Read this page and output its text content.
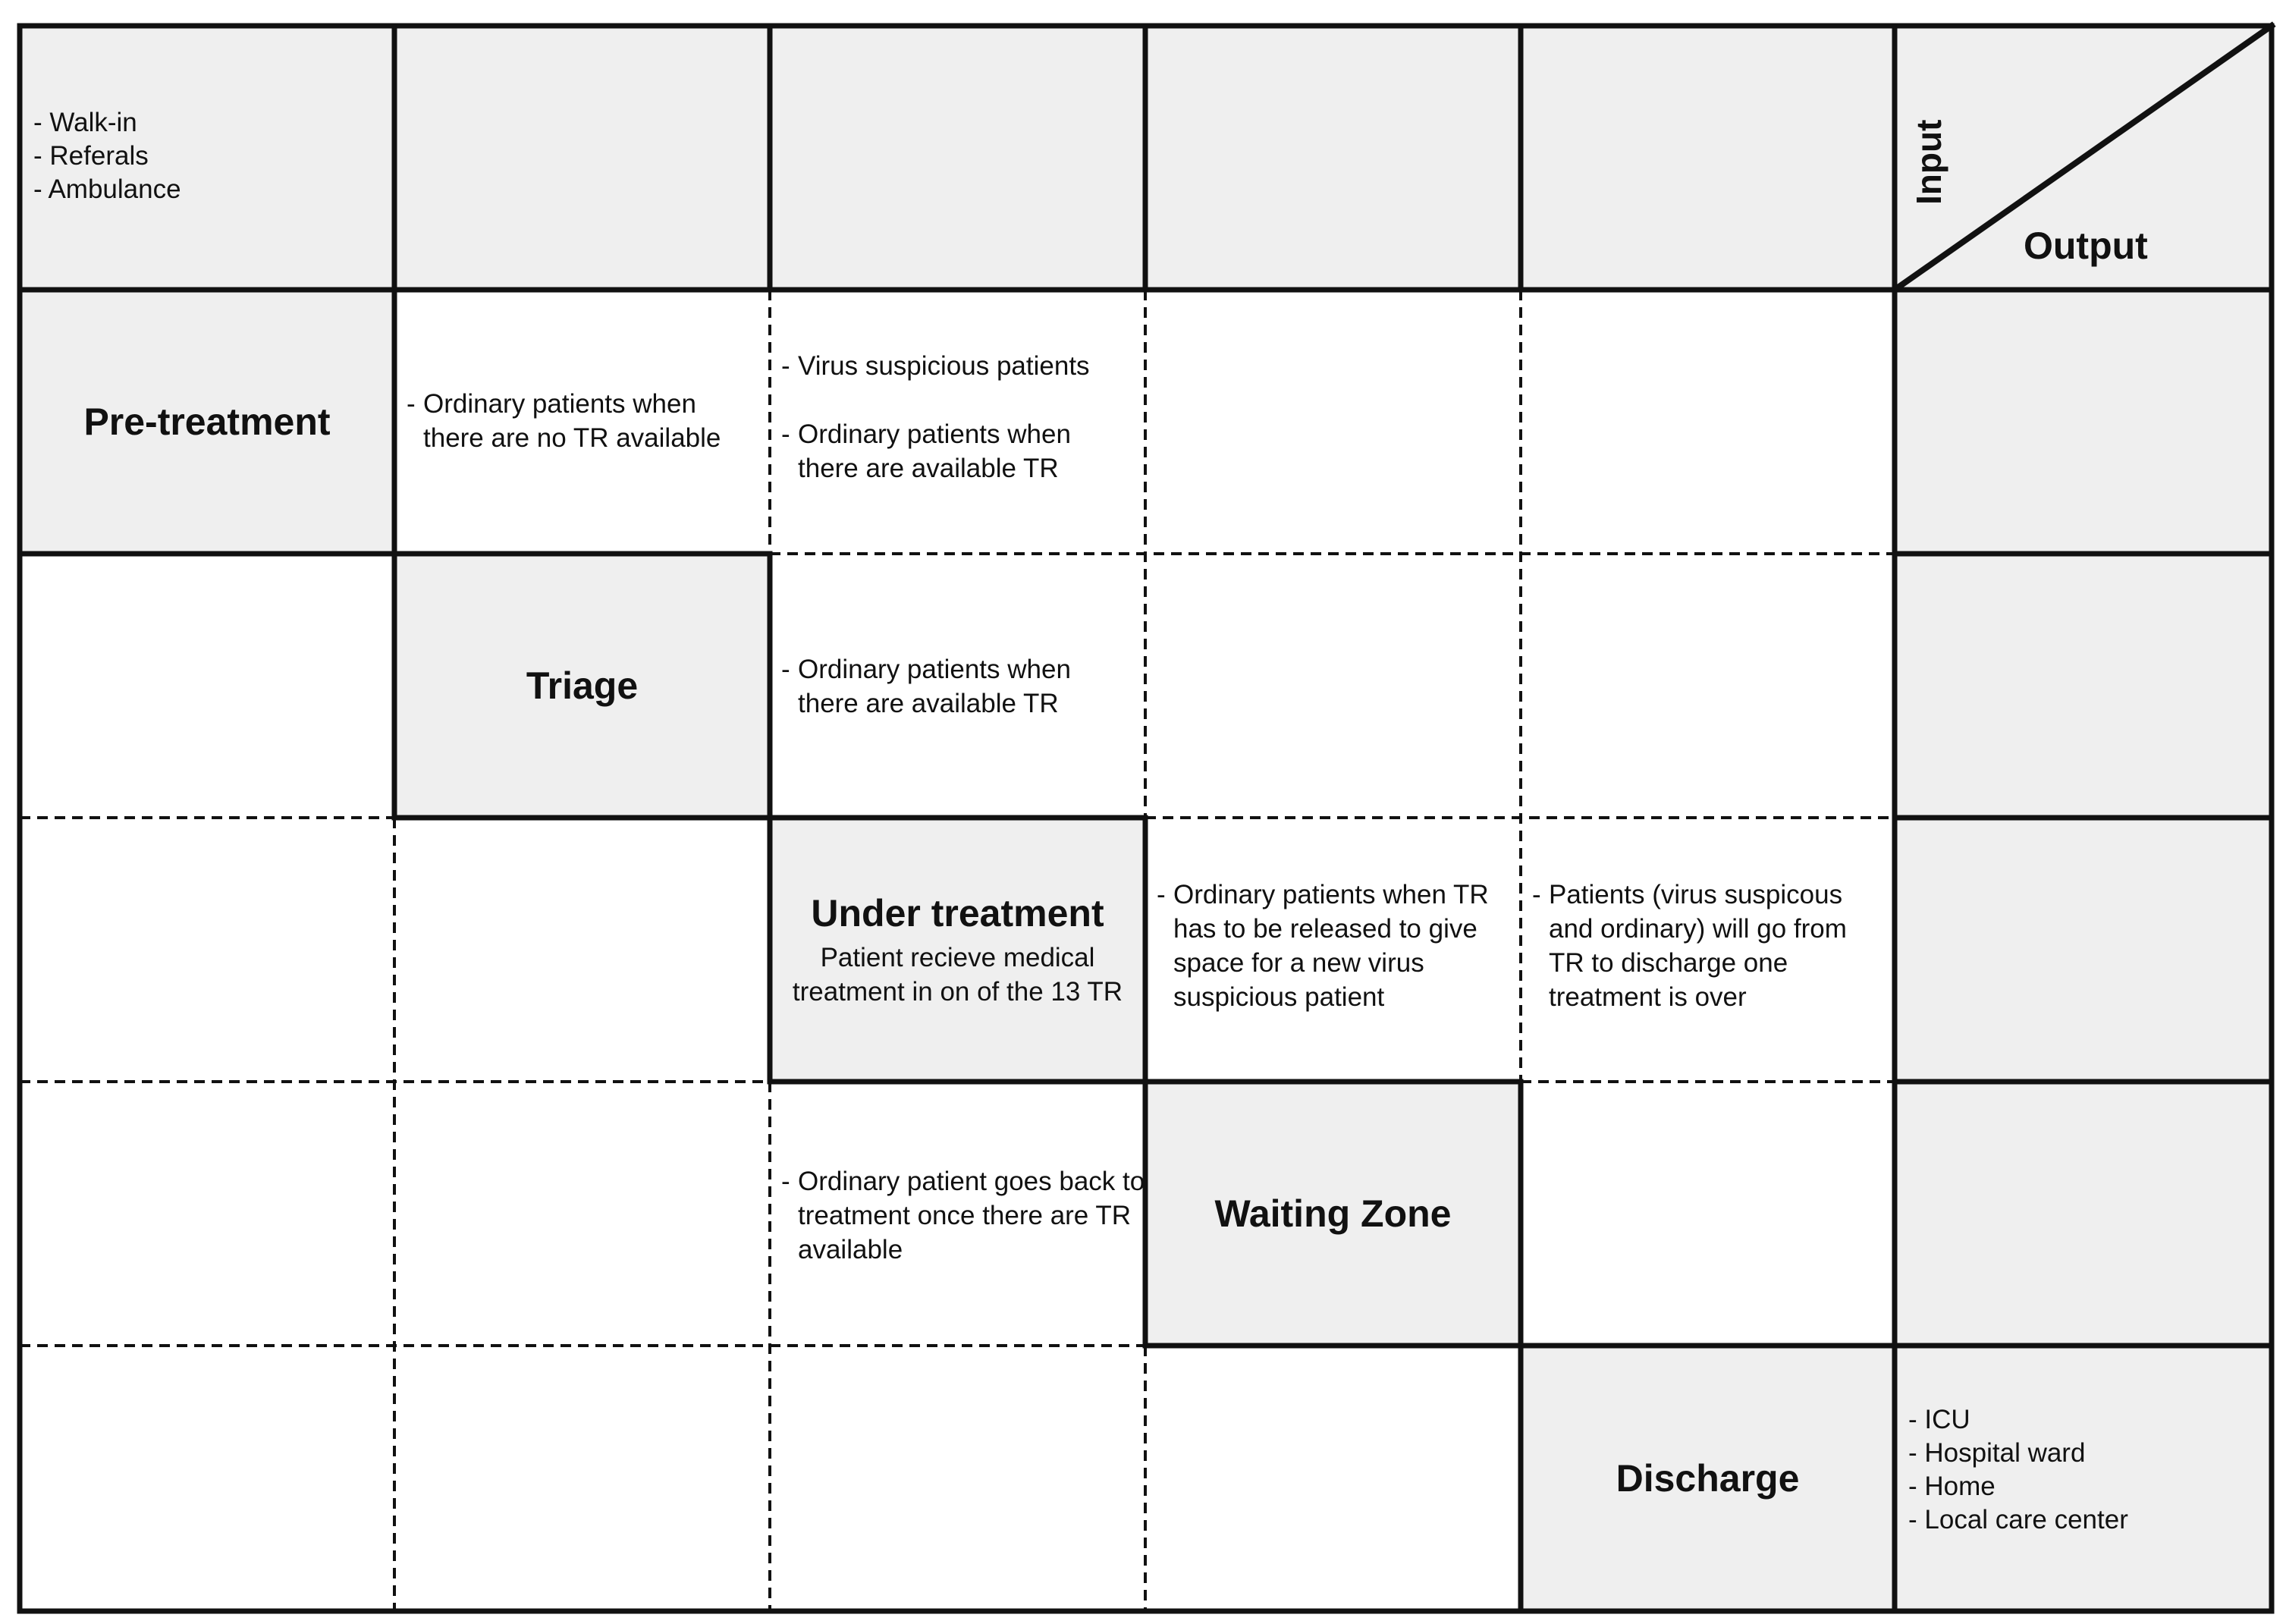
- Walk-in
- Referals
- Ambulance	Input
Output
Pre-treatment
Triage
Under treatment
Patient recieve medical treatment in on of the 13 TR
Waiting Zone
Discharge
- Ordinary patients when there are no TR available
- Virus suspicious patients
- Ordinary patients when there are available TR
- Ordinary patients when there are available TR
- Ordinary patients when TR has to be released to give space for a new virus suspicious patient
- Patients (virus suspicous and ordinary) will go from TR to discharge one treatment is over
- Ordinary patient goes back to treatment once there are TR available
- ICU
- Hospital ward
- Home
- Local care center
